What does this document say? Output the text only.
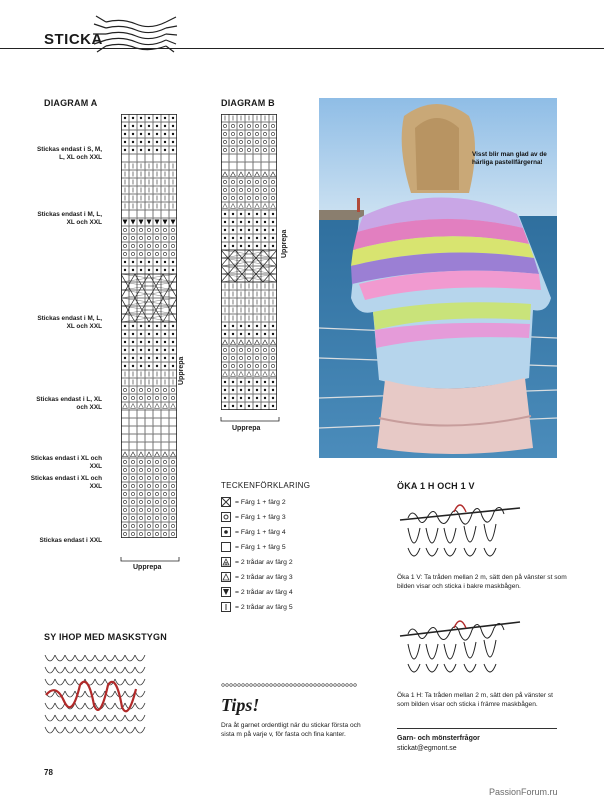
STICKA
DIAGRAM A
Stickas endast i S, M, L, XL och XXL
Stickas endast i M, L, XL och XXL
Stickas endast i M, L, XL och XXL
Stickas endast i L, XL och XXL
Stickas endast i XL och XXL
Stickas endast i XL och XXL
Stickas endast i XXL
Upprepa
Upprepa
DIAGRAM B
Upprepa
Upprepa
Visst blir man glad av de härliga pastellfärgerna!
TECKENFÖRKLARING
= Färg 1 + färg 2
= Färg 1 + färg 3
= Färg 1 + färg 4
= Färg 1 + färg 5
= 2 trådar av färg 2
= 2 trådar av färg 3
= 2 trådar av färg 4
= 2 trådar av färg 5
ÖKA 1 H OCH 1 V
Öka 1 V: Ta tråden mellan 2 m, sätt den på vänster st som bilden visar och sticka i bakre maskbågen.
Öka 1 H: Ta tråden mellan 2 m, sätt den på vänster st som bilden visar och sticka i främre maskbågen.
Garn- och mönsterfrågor
stickat@egmont.se
SY IHOP MED MASKSTYGN
Tips!
Dra åt garnet ordentligt när du stickar första och sista m på varje v, för fasta och fina kanter.
78
PassionForum.ru
